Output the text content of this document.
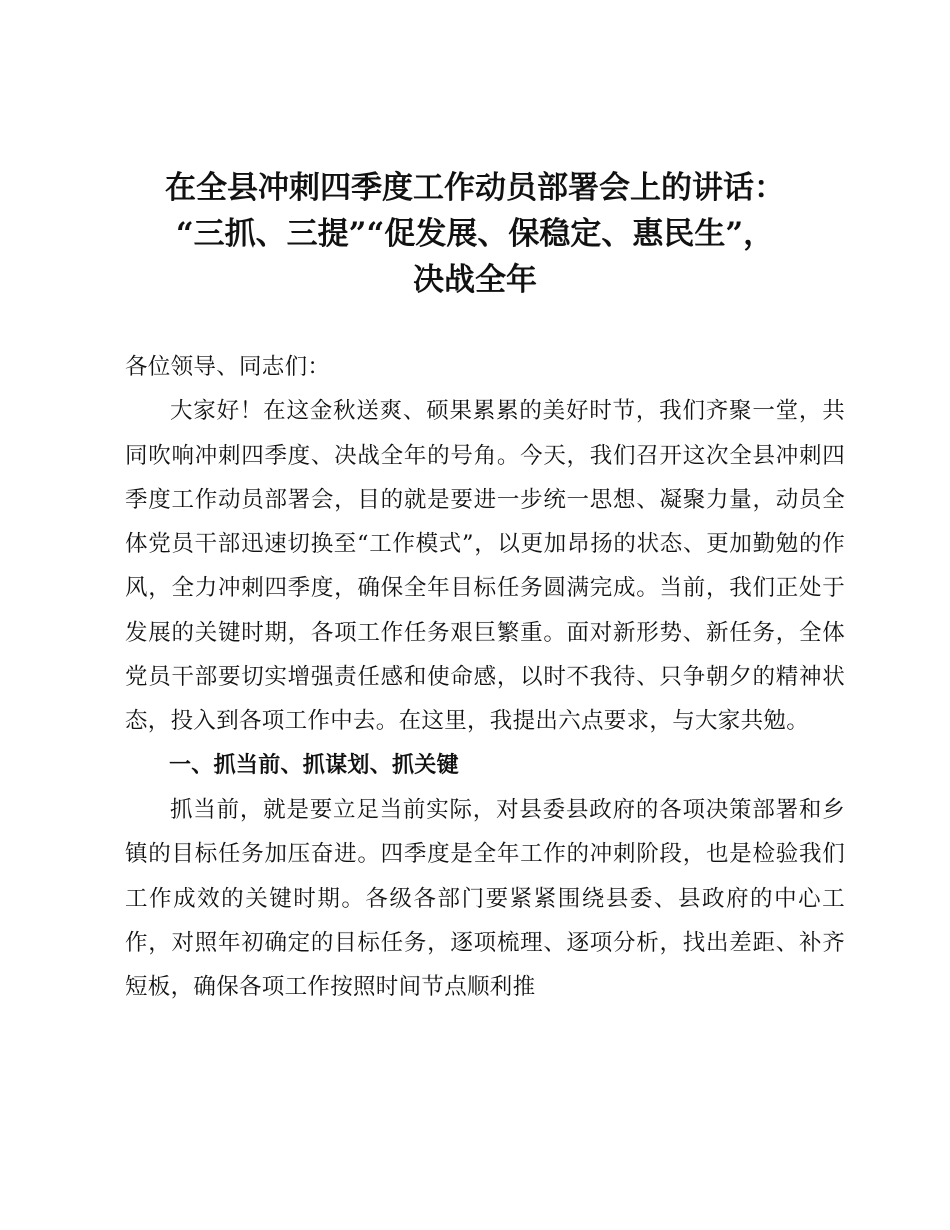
在全县冲刺四季度工作动员部署会上的讲话：
“三抓、三提”“促发展、保稳定、惠民生”，
决战全年

各位领导、同志们：

大家好！在这金秋送爽、硕果累累的美好时节，我们齐聚一堂，共同吹响冲刺四季度、决战全年的号角。今天，我们召开这次全县冲刺四季度工作动员部署会，目的就是要进一步统一思想、凝聚力量，动员全体党员干部迅速切换至“工作模式”，以更加昂扬的状态、更加勤勉的作风，全力冲刺四季度，确保全年目标任务圆满完成。当前，我们正处于发展的关键时期，各项工作任务艰巨繁重。面对新形势、新任务，全体党员干部要切实增强责任感和使命感，以时不我待、只争朝夕的精神状态，投入到各项工作中去。在这里，我提出六点要求，与大家共勉。

一、抓当前、抓谋划、抓关键

抓当前，就是要立足当前实际，对县委县政府的各项决策部署和乡镇的目标任务加压奋进。四季度是全年工作的冲刺阶段，也是检验我们工作成效的关键时期。各级各部门要紧紧围绕县委、县政府的中心工作，对照年初确定的目标任务，逐项梳理、逐项分析，找出差距、补齐短板，确保各项工作按照时间节点顺利推
